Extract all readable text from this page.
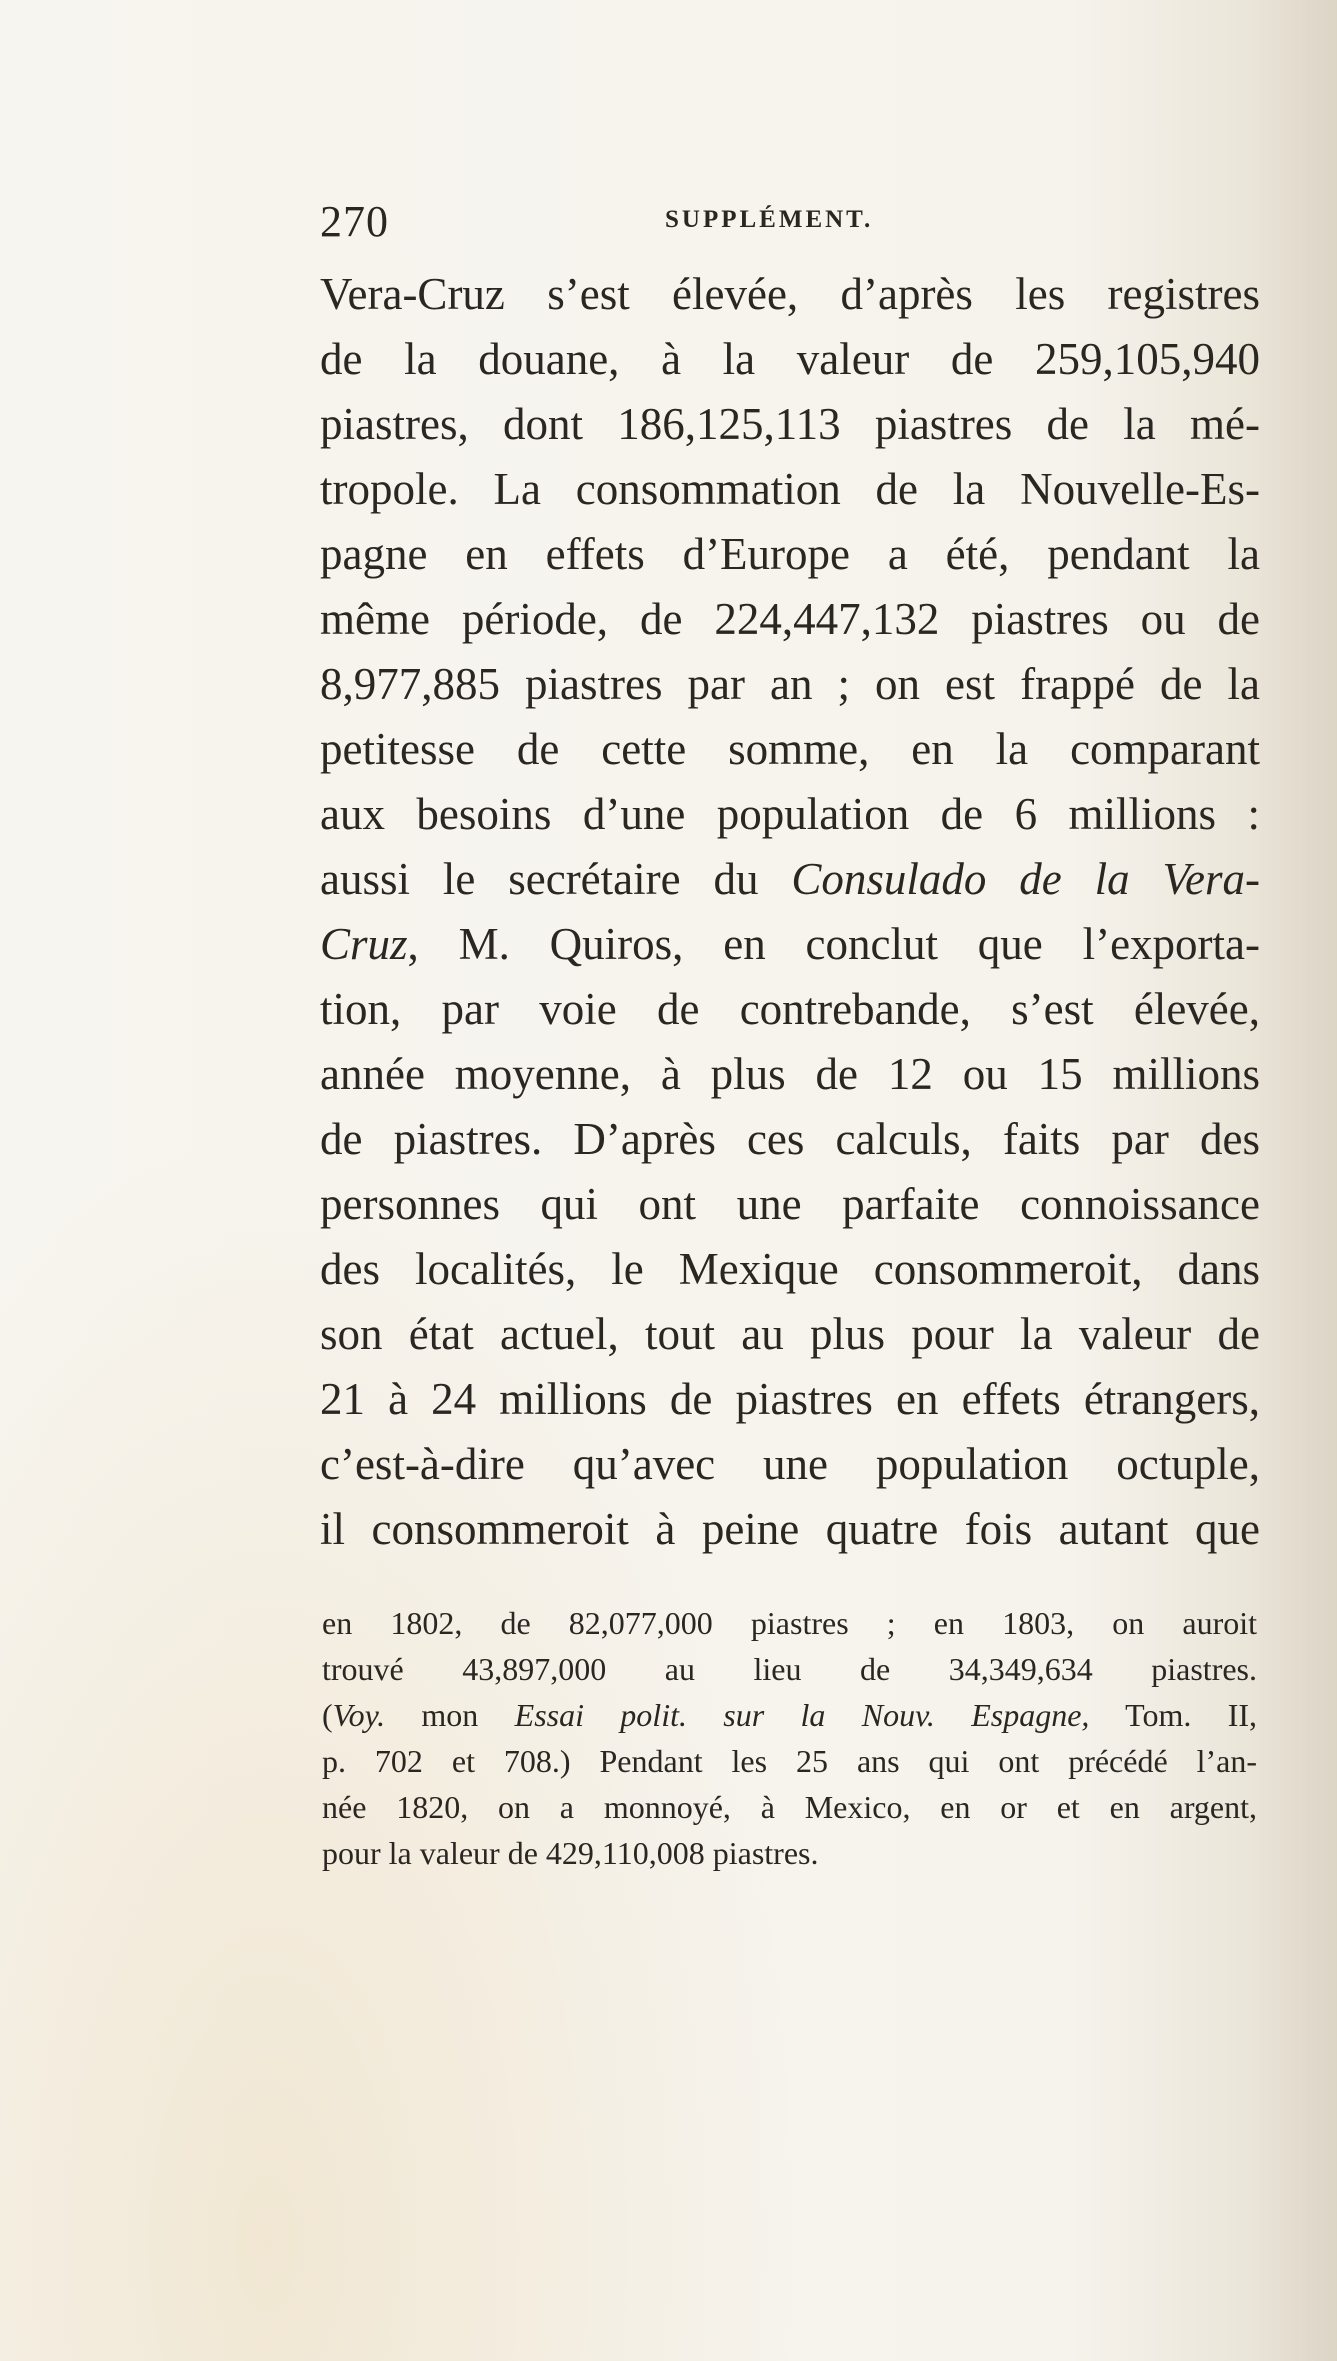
270	SUPPLÉMENT.
Vera-Cruz s’est élevée, d’après les registres
de la douane, à la valeur de 259,105,940
piastres, dont 186,125,113 piastres de la mé-
tropole. La consommation de la Nouvelle-Es-
pagne en effets d’Europe a été, pendant la
même période, de 224,447,132 piastres ou de
8,977,885 piastres par an ; on est frappé de la
petitesse de cette somme, en la comparant
aux besoins d’une population de 6 millions :
aussi le secrétaire du Consulado de la Vera-
Cruz, M. Quiros, en conclut que l’exporta-
tion, par voie de contrebande, s’est élevée,
année moyenne, à plus de 12 ou 15 millions
de piastres. D’après ces calculs, faits par des
personnes qui ont une parfaite connoissance
des localités, le Mexique consommeroit, dans
son état actuel, tout au plus pour la valeur de
21 à 24 millions de piastres en effets étrangers,
c’est-à-dire qu’avec une population octuple,
il consommeroit à peine quatre fois autant que
en 1802, de 82,077,000 piastres ; en 1803, on auroit
trouvé 43,897,000 au lieu de 34,349,634 piastres.
(Voy. mon Essai polit. sur la Nouv. Espagne, Tom. II,
p. 702 et 708.) Pendant les 25 ans qui ont précédé l’an-
née 1820, on a monnoyé, à Mexico, en or et en argent,
pour la valeur de 429,110,008 piastres.
